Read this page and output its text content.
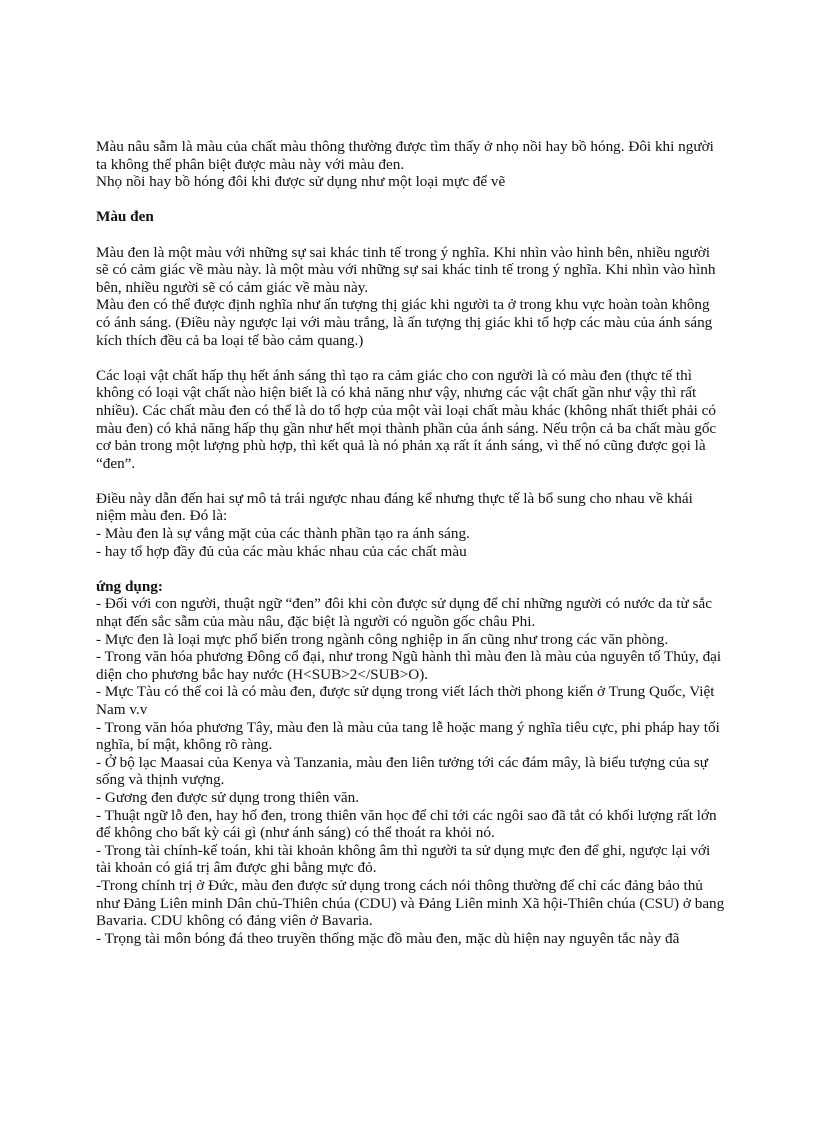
Màu nâu sẫm là màu của chất màu thông thường được tìm thấy ở nhọ nồi hay bồ hóng. Đôi khi người ta không thể phân biệt được màu này với màu đen.

Nhọ nồi hay bồ hóng đôi khi được sử dụng như một loại mực để vẽ

Màu đen

Màu đen là một màu với những sự sai khác tinh tế trong ý nghĩa. Khi nhìn vào hình bên, nhiều người sẽ có cảm giác về màu này. là một màu với những sự sai khác tinh tế trong ý nghĩa. Khi nhìn vào hình bên, nhiều người sẽ có cảm giác về màu này.

Màu đen có thể được định nghĩa như ấn tượng thị giác khi người ta ở trong khu vực hoàn toàn không có ánh sáng. (Điều này ngược lại với màu trắng, là ấn tượng thị giác khi tổ hợp các màu của ánh sáng kích thích đều cả ba loại tế bào cảm quang.)

Các loại vật chất hấp thụ hết ánh sáng thì tạo ra cảm giác cho con người là có màu đen (thực tế thì không có loại vật chất nào hiện biết là có khả năng như vậy, nhưng các vật chất gần như vậy thì rất nhiều). Các chất màu đen có thể là do tổ hợp của một vài loại chất màu khác (không nhất thiết phải có màu đen) có khả năng hấp thụ gần như hết mọi thành phần của ánh sáng. Nếu trộn cả ba chất màu gốc cơ bản trong một lượng phù hợp, thì kết quả là nó phản xạ rất ít ánh sáng, vì thế nó cũng được gọi là “đen”.

Điều này dẫn đến hai sự mô tả trái ngược nhau đáng kể nhưng thực tế là bổ sung cho nhau về khái niệm màu đen. Đó là:

- Màu đen là sự vắng mặt của các thành phần tạo ra ánh sáng.

- hay tổ hợp đầy đủ của các màu khác nhau của các chất màu

ứng dụng:

- Đối với con người, thuật ngữ “đen” đôi khi còn được sử dụng để chỉ những người có nước da từ sắc nhạt đến sắc sẫm của màu nâu, đặc biệt là người có nguồn gốc châu Phi.

- Mực đen là loại mực phổ biến trong ngành công nghiệp in ấn cũng như trong các văn phòng.

- Trong văn hóa phương Đông cổ đại, như trong Ngũ hành thì màu đen là màu của nguyên tố Thủy, đại diện cho phương bắc hay nước (H<SUB>2</SUB>O).

- Mực Tàu có thể coi là có màu đen, được sử dụng trong viết lách thời phong kiến ở Trung Quốc, Việt Nam v.v

- Trong văn hóa phương Tây, màu đen là màu của tang lễ hoặc mang ý nghĩa tiêu cực, phi pháp hay tối nghĩa, bí mật, không rõ ràng.

- Ở bộ lạc Maasai của Kenya và Tanzania, màu đen liên tưởng tới các đám mây, là biểu tượng của sự sống và thịnh vượng.

- Gương đen được sử dụng trong thiên văn.

- Thuật ngữ lỗ đen, hay hố đen, trong thiên văn học để chỉ tới các ngôi sao đã tắt có khối lượng rất lớn để không cho bất kỳ cái gì (như ánh sáng) có thể thoát ra khỏi nó.

- Trong tài chính-kế toán, khi tài khoản không âm thì người ta sử dụng mực đen để ghi, ngược lại với tài khoản có giá trị âm được ghi bằng mực đỏ.

-Trong chính trị ở Đức, màu đen được sử dụng trong cách nói thông thường để chỉ các đảng bảo thủ như Đảng Liên minh Dân chủ-Thiên chúa (CDU) và Đảng Liên minh Xã hội-Thiên chúa (CSU) ở bang Bavaria. CDU không có đảng viên ở Bavaria.

- Trọng tài môn bóng đá theo truyền thống mặc đồ màu đen, mặc dù hiện nay nguyên tắc này đã
